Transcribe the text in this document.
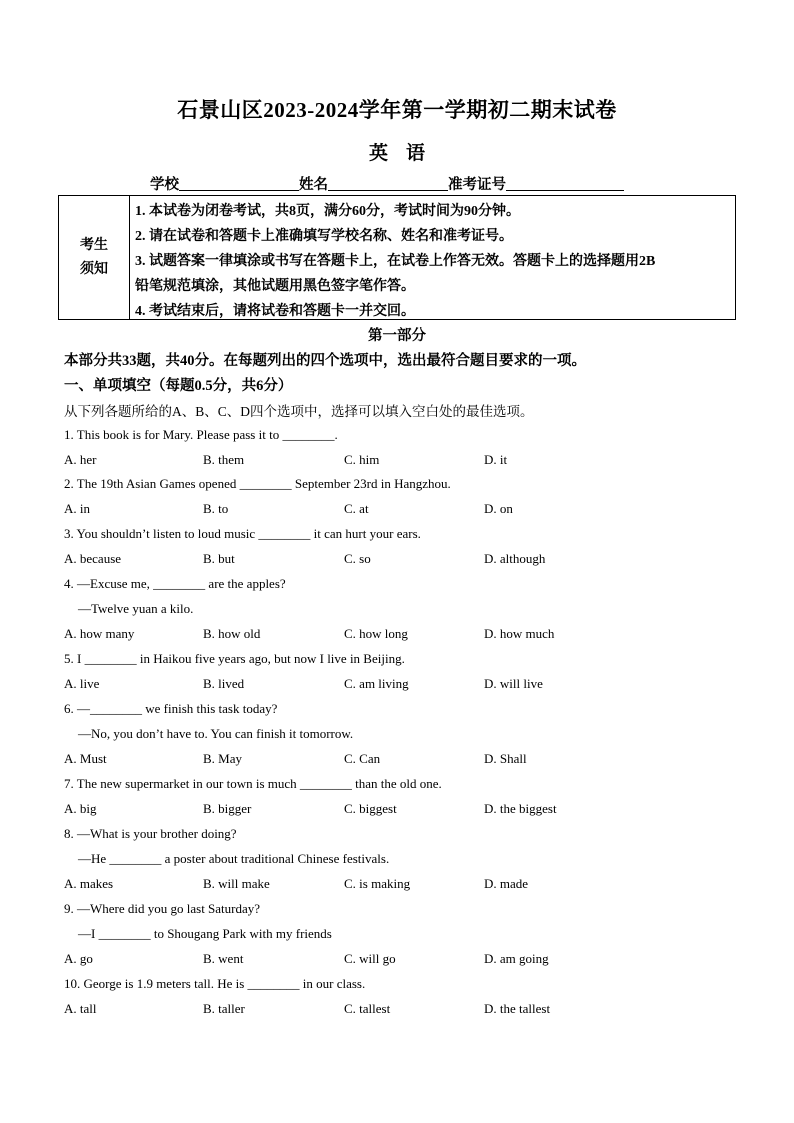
石景山区2023-2024学年第一学期初二期末试卷
英语
学校	姓名	准考证号
考生
须知
1. 本试卷为闭卷考试，共8页，满分60分，考试时间为90分钟。
2. 请在试卷和答题卡上准确填写学校名称、姓名和准考证号。
3. 试题答案一律填涂或书写在答题卡上，在试卷上作答无效。答题卡上的选择题用2B
铅笔规范填涂，其他试题用黑色签字笔作答。
4. 考试结束后，请将试卷和答题卡一并交回。
第一部分
本部分共33题，共40分。在每题列出的四个选项中，选出最符合题目要求的一项。
一、单项填空（每题0.5分，共6分）
从下列各题所给的A、B、C、D四个选项中，选择可以填入空白处的最佳选项。
1. This book is for Mary. Please pass it to ________.
A. her	B. them	C. him	D. it
2. The 19th Asian Games opened ________ September 23rd in Hangzhou.
A. in	B. to	C. at	D. on
3. You shouldn’t listen to loud music ________ it can hurt your ears.
A. because	B. but	C. so	D. although
4. —Excuse me, ________ are the apples?
—Twelve yuan a kilo.
A. how many	B. how old	C. how long	D. how much
5. I ________ in Haikou five years ago, but now I live in Beijing.
A. live	B. lived	C. am living	D. will live
6. —________ we finish this task today?
—No, you don’t have to. You can finish it tomorrow.
A. Must	B. May	C. Can	D. Shall
7. The new supermarket in our town is much ________ than the old one.
A. big	B. bigger	C. biggest	D. the biggest
8. —What is your brother doing?
—He ________ a poster about traditional Chinese festivals.
A. makes	B. will make	C. is making	D. made
9. —Where did you go last Saturday?
—I ________ to Shougang Park with my friends
A. go	B. went	C. will go	D. am going
10. George is 1.9 meters tall. He is ________ in our class.
A. tall	B. taller	C. tallest	D. the tallest
